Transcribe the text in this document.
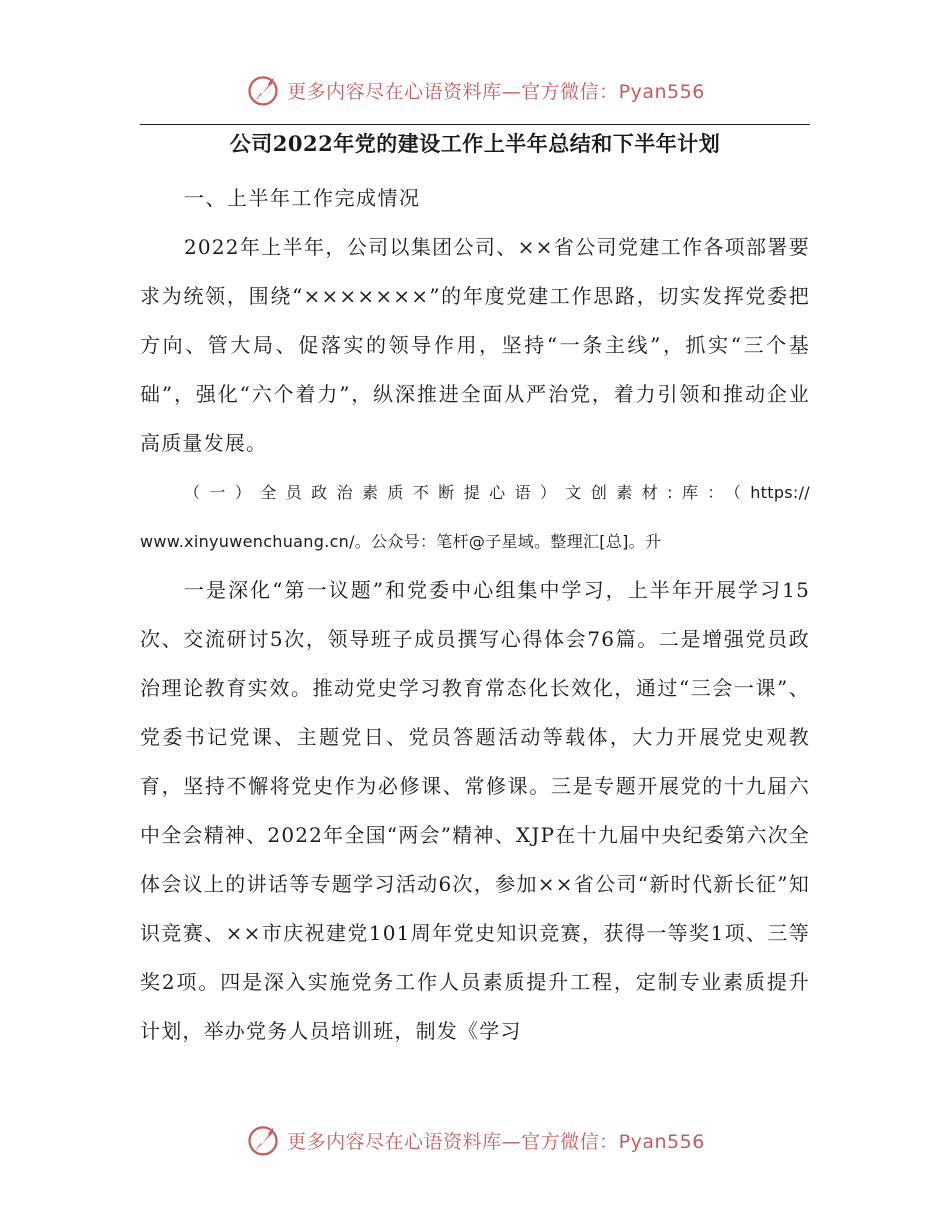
更多内容尽在心语资料库—官方微信：Pyan556
公司2022年党的建设工作上半年总结和下半年计划

一、上半年工作完成情况

2022年上半年，公司以集团公司、××省公司党建工作各项部署要求为统领，围绕“×××××××”的年度党建工作思路，切实发挥党委把方向、管大局、促落实的领导作用，坚持“一条主线”，抓实“三个基础”，强化“六个着力”，纵深推进全面从严治党，着力引领和推动企业高质量发展。

（一）全员政治素质不断提心语）文创素材:库：（https:// www.xinyuwenchuang.cn/。公众号：笔杆@子星域。整理汇[总]。升

一是深化“第一议题”和党委中心组集中学习，上半年开展学习15次、交流研讨5次，领导班子成员撰写心得体会76篇。二是增强党员政治理论教育实效。推动党史学习教育常态化长效化，通过“三会一课”、党委书记党课、主题党日、党员答题活动等载体，大力开展党史观教育，坚持不懈将党史作为必修课、常修课。三是专题开展党的十九届六中全会精神、2022年全国“两会”精神、XJP在十九届中央纪委第六次全体会议上的讲话等专题学习活动6次，参加××省公司“新时代新长征”知识竞赛、××市庆祝建党101周年党史知识竞赛，获得一等奖1项、三等奖2项。四是深入实施党务工作人员素质提升工程，定制专业素质提升计划，举办党务人员培训班，制发《学习

更多内容尽在心语资料库—官方微信：Pyan556
